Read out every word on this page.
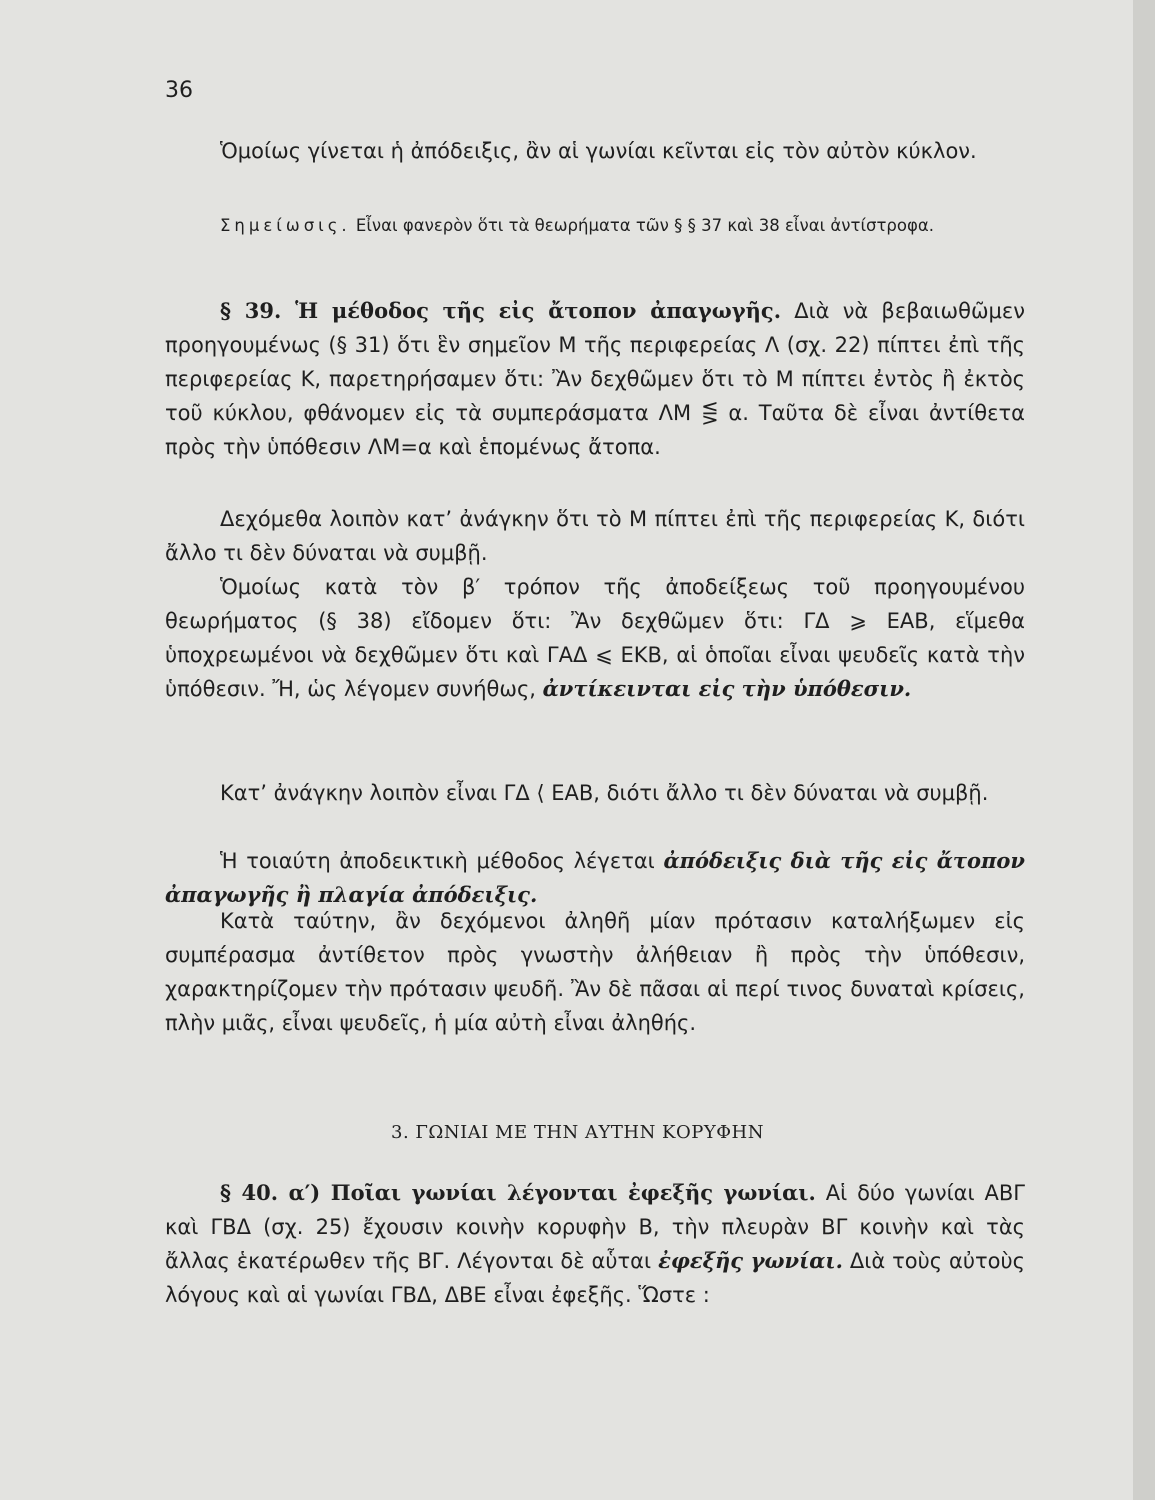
36

Ὁμοίως γίνεται ἡ ἀπόδειξις, ἂν αἱ γωνίαι κεῖνται εἰς τὸν αὐτὸν κύκλον.

Σημείωσις. Εἶναι φανερὸν ὅτι τὰ θεωρήματα τῶν § § 37 καὶ 38 εἶναι ἀντίστροφα.

§ 39. Ἡ μέθοδος τῆς εἰς ἄτοπον ἀπαγωγῆς. Διὰ νὰ βεβαιωθῶμεν προηγουμένως (§ 31) ὅτι ἓν σημεῖον Μ τῆς περιφερείας Λ (σχ. 22) πίπτει ἐπὶ τῆς περιφερείας Κ, παρετηρήσαμεν ὅτι: Ἂν δεχθῶμεν ὅτι τὸ Μ πίπτει ἐντὸς ἢ ἐκτὸς τοῦ κύκλου, φθάνομεν εἰς τὰ συμπεράσματα ΛΜ ⋚ α. Ταῦτα δὲ εἶναι ἀντίθετα πρὸς τὴν ὑπόθεσιν ΛΜ=α καὶ ἑπομένως ἄτοπα.

Δεχόμεθα λοιπὸν κατ’ ἀνάγκην ὅτι τὸ Μ πίπτει ἐπὶ τῆς περιφερείας Κ, διότι ἄλλο τι δὲν δύναται νὰ συμβῇ.

Ὁμοίως κατὰ τὸν β′ τρόπον τῆς ἀποδείξεως τοῦ προηγουμένου θεωρήματος (§ 38) εἴδομεν ὅτι: Ἂν δεχθῶμεν ὅτι: ΓΔ ⩾ ΕΑΒ, εἵμεθα ὑποχρεωμένοι νὰ δεχθῶμεν ὅτι καὶ ΓΑΔ ⩽ ΕΚΒ, αἱ ὁποῖαι εἶναι ψευδεῖς κατὰ τὴν ὑπόθεσιν. Ἤ, ὡς λέγομεν συνήθως, ἀντίκεινται εἰς τὴν ὑπόθεσιν.

Κατ’ ἀνάγκην λοιπὸν εἶναι ΓΔ ⟨ ΕΑΒ, διότι ἄλλο τι δὲν δύναται νὰ συμβῇ.

Ἡ τοιαύτη ἀποδεικτικὴ μέθοδος λέγεται ἀπόδειξις διὰ τῆς εἰς ἄτοπον ἀπαγωγῆς ἢ πλαγία ἀπόδειξις.

Κατὰ ταύτην, ἂν δεχόμενοι ἀληθῆ μίαν πρότασιν καταλήξωμεν εἰς συμπέρασμα ἀντίθετον πρὸς γνωστὴν ἀλήθειαν ἢ πρὸς τὴν ὑπόθεσιν, χαρακτηρίζομεν τὴν πρότασιν ψευδῆ. Ἂν δὲ πᾶσαι αἱ περί τινος δυναταὶ κρίσεις, πλὴν μιᾶς, εἶναι ψευδεῖς, ἡ μία αὐτὴ εἶναι ἀληθής.

3. ΓΩΝΙΑΙ ΜΕ ΤΗΝ ΑΥΤΗΝ ΚΟΡΥΦΗΝ

§ 40. α′) Ποῖαι γωνίαι λέγονται ἐφεξῆς γωνίαι. Αἱ δύο γωνίαι ΑΒΓ καὶ ΓΒΔ (σχ. 25) ἔχουσιν κοινὴν κορυφὴν Β, τὴν πλευρὰν ΒΓ κοινὴν καὶ τὰς ἄλλας ἑκατέρωθεν τῆς ΒΓ. Λέγονται δὲ αὗται ἐφεξῆς γωνίαι. Διὰ τοὺς αὐτοὺς λόγους καὶ αἱ γωνίαι ΓΒΔ, ΔΒΕ εἶναι ἐφεξῆς. Ὥστε :
